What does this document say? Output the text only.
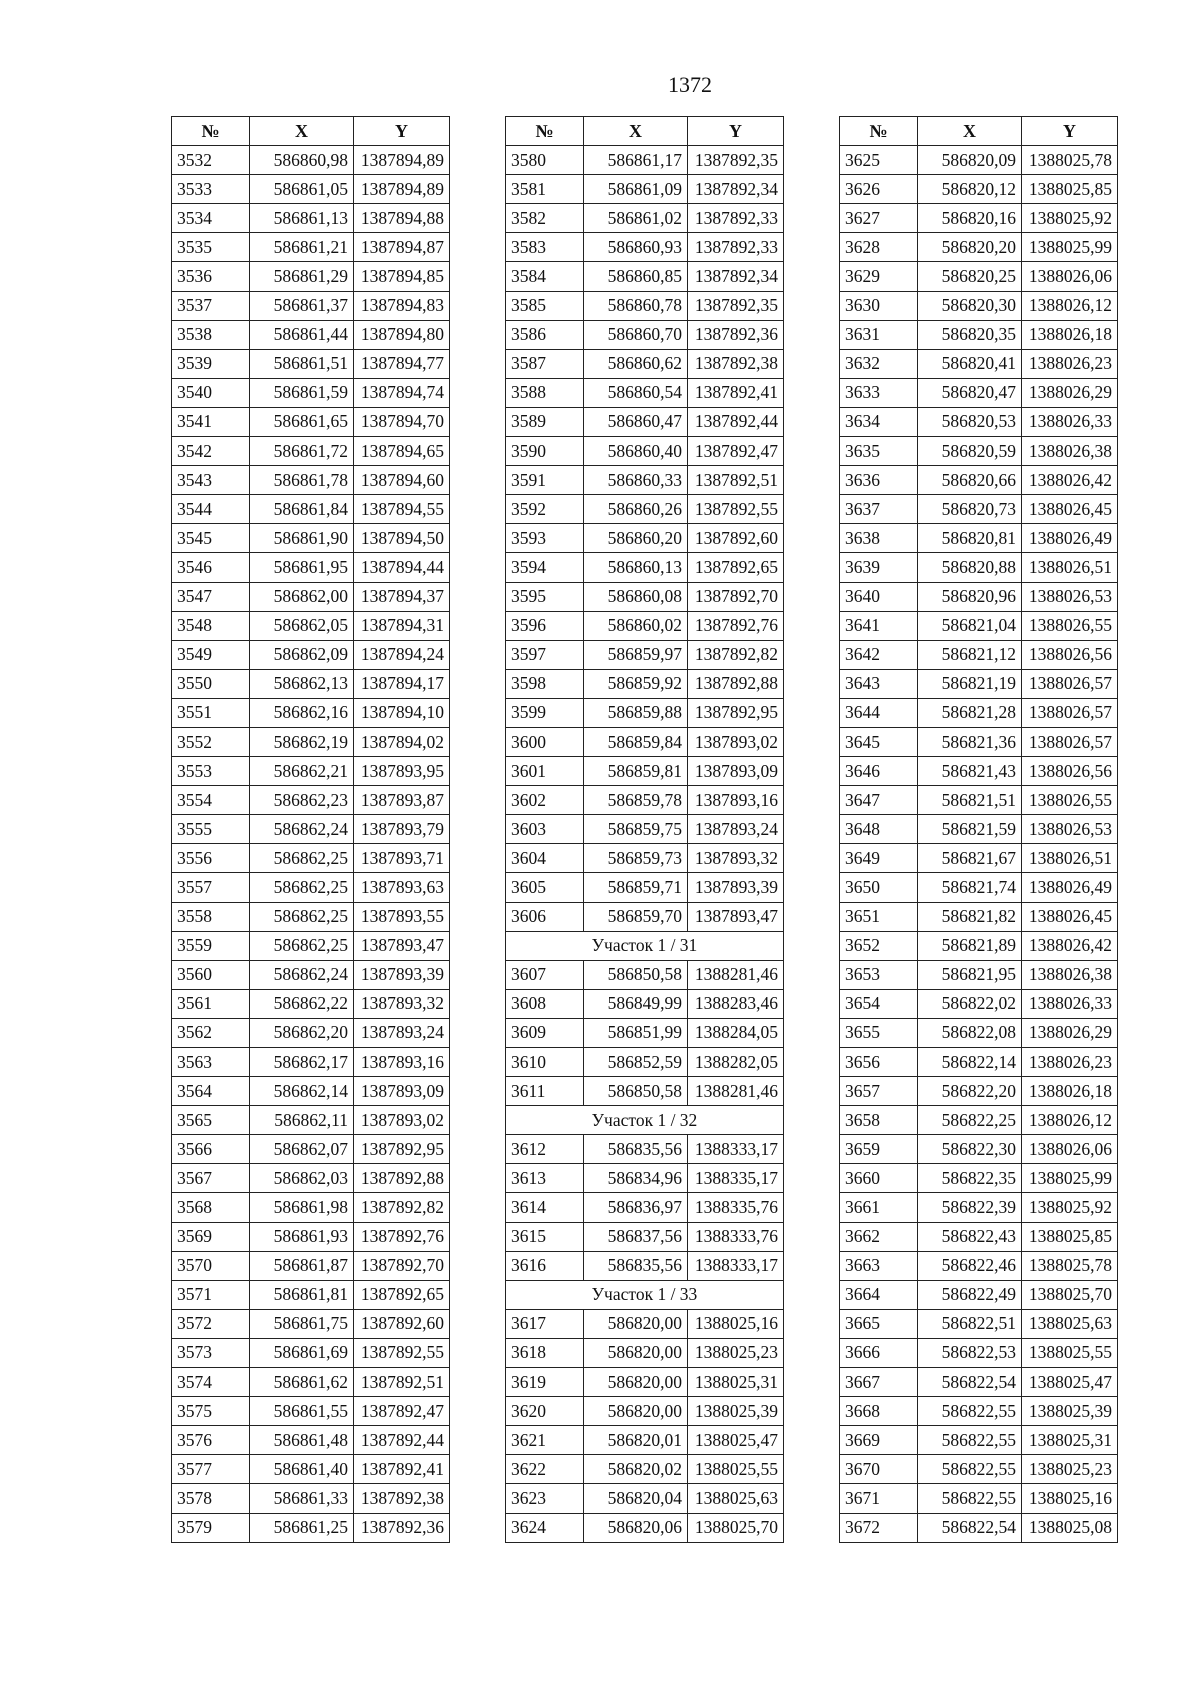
1372
№	X	Y
3532	586860,98	1387894,89
3533	586861,05	1387894,89
3534	586861,13	1387894,88
3535	586861,21	1387894,87
3536	586861,29	1387894,85
3537	586861,37	1387894,83
3538	586861,44	1387894,80
3539	586861,51	1387894,77
3540	586861,59	1387894,74
3541	586861,65	1387894,70
3542	586861,72	1387894,65
3543	586861,78	1387894,60
3544	586861,84	1387894,55
3545	586861,90	1387894,50
3546	586861,95	1387894,44
3547	586862,00	1387894,37
3548	586862,05	1387894,31
3549	586862,09	1387894,24
3550	586862,13	1387894,17
3551	586862,16	1387894,10
3552	586862,19	1387894,02
3553	586862,21	1387893,95
3554	586862,23	1387893,87
3555	586862,24	1387893,79
3556	586862,25	1387893,71
3557	586862,25	1387893,63
3558	586862,25	1387893,55
3559	586862,25	1387893,47
3560	586862,24	1387893,39
3561	586862,22	1387893,32
3562	586862,20	1387893,24
3563	586862,17	1387893,16
3564	586862,14	1387893,09
3565	586862,11	1387893,02
3566	586862,07	1387892,95
3567	586862,03	1387892,88
3568	586861,98	1387892,82
3569	586861,93	1387892,76
3570	586861,87	1387892,70
3571	586861,81	1387892,65
3572	586861,75	1387892,60
3573	586861,69	1387892,55
3574	586861,62	1387892,51
3575	586861,55	1387892,47
3576	586861,48	1387892,44
3577	586861,40	1387892,41
3578	586861,33	1387892,38
3579	586861,25	1387892,36
№	X	Y
3580	586861,17	1387892,35
3581	586861,09	1387892,34
3582	586861,02	1387892,33
3583	586860,93	1387892,33
3584	586860,85	1387892,34
3585	586860,78	1387892,35
3586	586860,70	1387892,36
3587	586860,62	1387892,38
3588	586860,54	1387892,41
3589	586860,47	1387892,44
3590	586860,40	1387892,47
3591	586860,33	1387892,51
3592	586860,26	1387892,55
3593	586860,20	1387892,60
3594	586860,13	1387892,65
3595	586860,08	1387892,70
3596	586860,02	1387892,76
3597	586859,97	1387892,82
3598	586859,92	1387892,88
3599	586859,88	1387892,95
3600	586859,84	1387893,02
3601	586859,81	1387893,09
3602	586859,78	1387893,16
3603	586859,75	1387893,24
3604	586859,73	1387893,32
3605	586859,71	1387893,39
3606	586859,70	1387893,47
Участок 1 / 31		
3607	586850,58	1388281,46
3608	586849,99	1388283,46
3609	586851,99	1388284,05
3610	586852,59	1388282,05
3611	586850,58	1388281,46
Участок 1 / 32		
3612	586835,56	1388333,17
3613	586834,96	1388335,17
3614	586836,97	1388335,76
3615	586837,56	1388333,76
3616	586835,56	1388333,17
Участок 1 / 33		
3617	586820,00	1388025,16
3618	586820,00	1388025,23
3619	586820,00	1388025,31
3620	586820,00	1388025,39
3621	586820,01	1388025,47
3622	586820,02	1388025,55
3623	586820,04	1388025,63
3624	586820,06	1388025,70
№	X	Y
3625	586820,09	1388025,78
3626	586820,12	1388025,85
3627	586820,16	1388025,92
3628	586820,20	1388025,99
3629	586820,25	1388026,06
3630	586820,30	1388026,12
3631	586820,35	1388026,18
3632	586820,41	1388026,23
3633	586820,47	1388026,29
3634	586820,53	1388026,33
3635	586820,59	1388026,38
3636	586820,66	1388026,42
3637	586820,73	1388026,45
3638	586820,81	1388026,49
3639	586820,88	1388026,51
3640	586820,96	1388026,53
3641	586821,04	1388026,55
3642	586821,12	1388026,56
3643	586821,19	1388026,57
3644	586821,28	1388026,57
3645	586821,36	1388026,57
3646	586821,43	1388026,56
3647	586821,51	1388026,55
3648	586821,59	1388026,53
3649	586821,67	1388026,51
3650	586821,74	1388026,49
3651	586821,82	1388026,45
3652	586821,89	1388026,42
3653	586821,95	1388026,38
3654	586822,02	1388026,33
3655	586822,08	1388026,29
3656	586822,14	1388026,23
3657	586822,20	1388026,18
3658	586822,25	1388026,12
3659	586822,30	1388026,06
3660	586822,35	1388025,99
3661	586822,39	1388025,92
3662	586822,43	1388025,85
3663	586822,46	1388025,78
3664	586822,49	1388025,70
3665	586822,51	1388025,63
3666	586822,53	1388025,55
3667	586822,54	1388025,47
3668	586822,55	1388025,39
3669	586822,55	1388025,31
3670	586822,55	1388025,23
3671	586822,55	1388025,16
3672	586822,54	1388025,08
